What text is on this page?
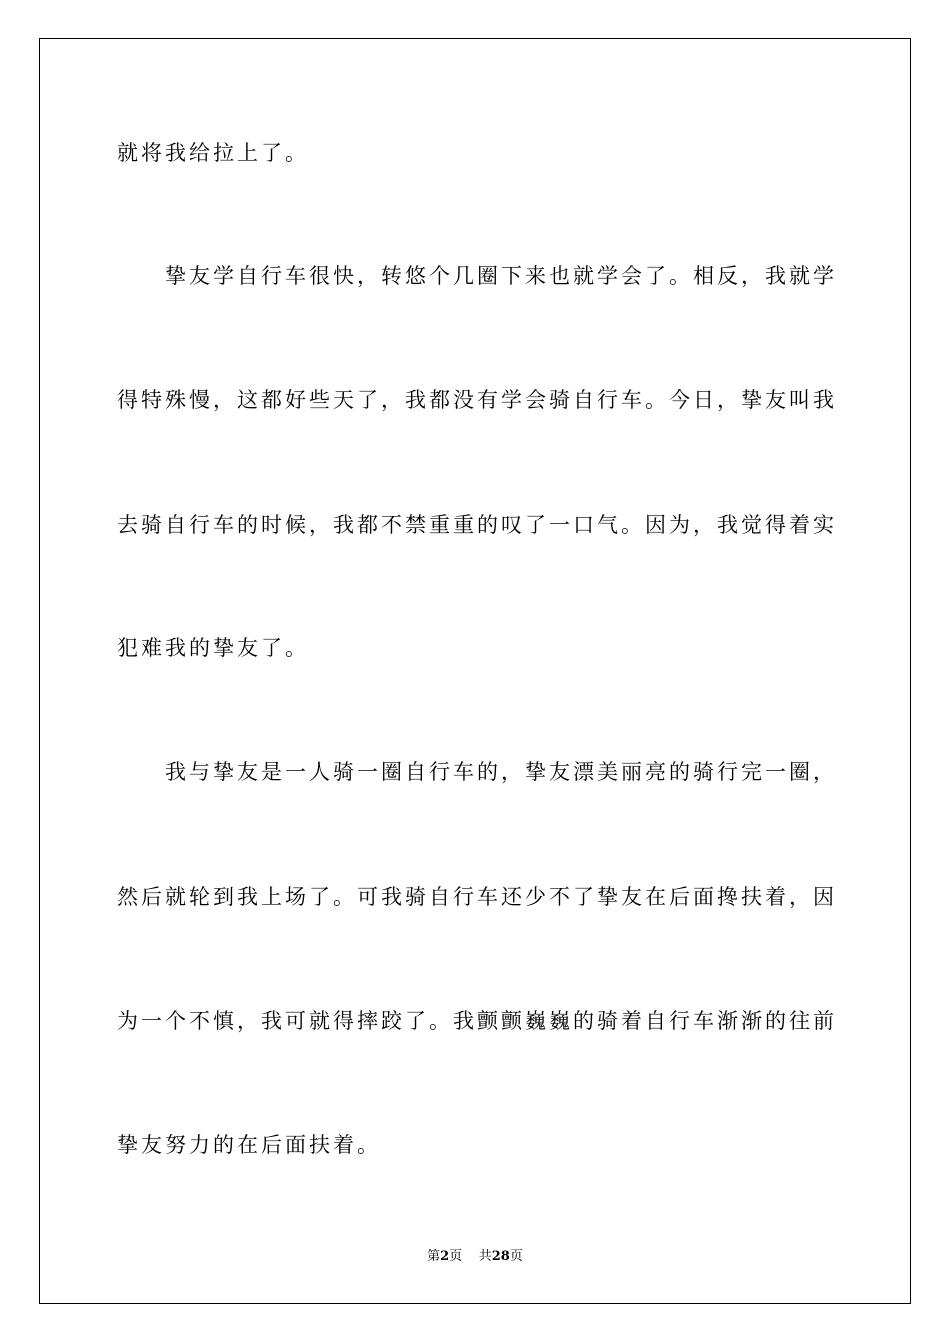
就将我给拉上了。
挚友学自行车很快，转悠个几圈下来也就学会了。相反，我就学
得特殊慢，这都好些天了，我都没有学会骑自行车。今日，挚友叫我
去骑自行车的时候，我都不禁重重的叹了一口气。因为，我觉得着实
犯难我的挚友了。
我与挚友是一人骑一圈自行车的，挚友漂美丽亮的骑行完一圈，
然后就轮到我上场了。可我骑自行车还少不了挚友在后面搀扶着，因
为一个不慎，我可就得摔跤了。我颤颤巍巍的骑着自行车渐渐的往前
挚友努力的在后面扶着。
第2页 共28页
